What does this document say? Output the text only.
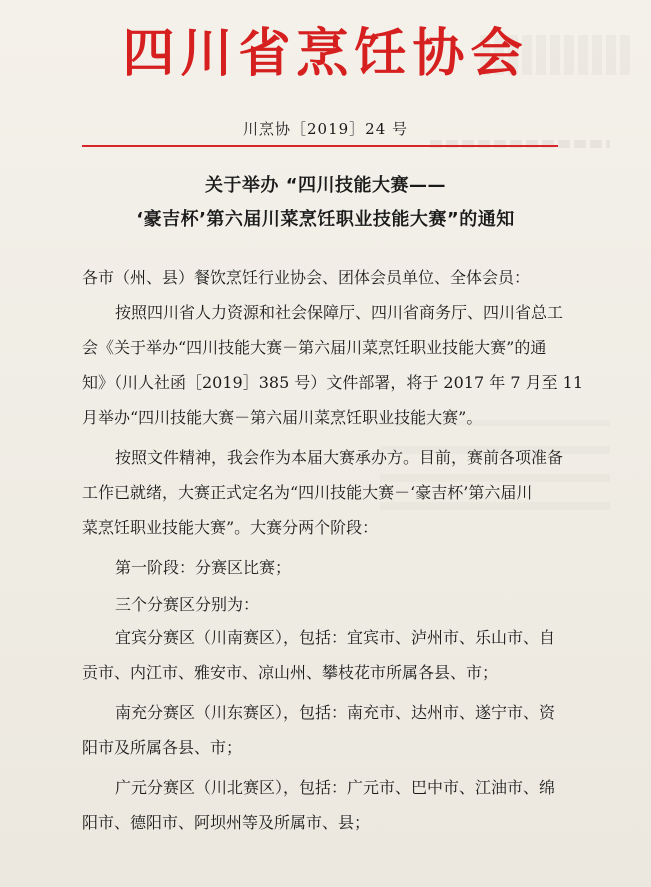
四川省烹饪协会
川烹协［2019］24 号
关于举办 “四川技能大赛——
‘豪吉杯’第六届川菜烹饪职业技能大赛”的通知
各市（州、县）餐饮烹饪行业协会、团体会员单位、全体会员：
按照四川省人力资源和社会保障厅、四川省商务厅、四川省总工
会《关于举办“四川技能大赛－第六届川菜烹饪职业技能大赛”的通
知》（川人社函［2019］385 号）文件部署，将于 2017 年 7 月至 11
月举办“四川技能大赛－第六届川菜烹饪职业技能大赛”。
按照文件精神，我会作为本届大赛承办方。目前，赛前各项准备
工作已就绪，大赛正式定名为“四川技能大赛－‘豪吉杯’第六届川
菜烹饪职业技能大赛”。大赛分两个阶段：
第一阶段：分赛区比赛；
三个分赛区分别为：
宜宾分赛区（川南赛区），包括：宜宾市、泸州市、乐山市、自
贡市、内江市、雅安市、凉山州、攀枝花市所属各县、市；
南充分赛区（川东赛区），包括：南充市、达州市、遂宁市、资
阳市及所属各县、市；
广元分赛区（川北赛区），包括：广元市、巴中市、江油市、绵
阳市、德阳市、阿坝州等及所属市、县；
